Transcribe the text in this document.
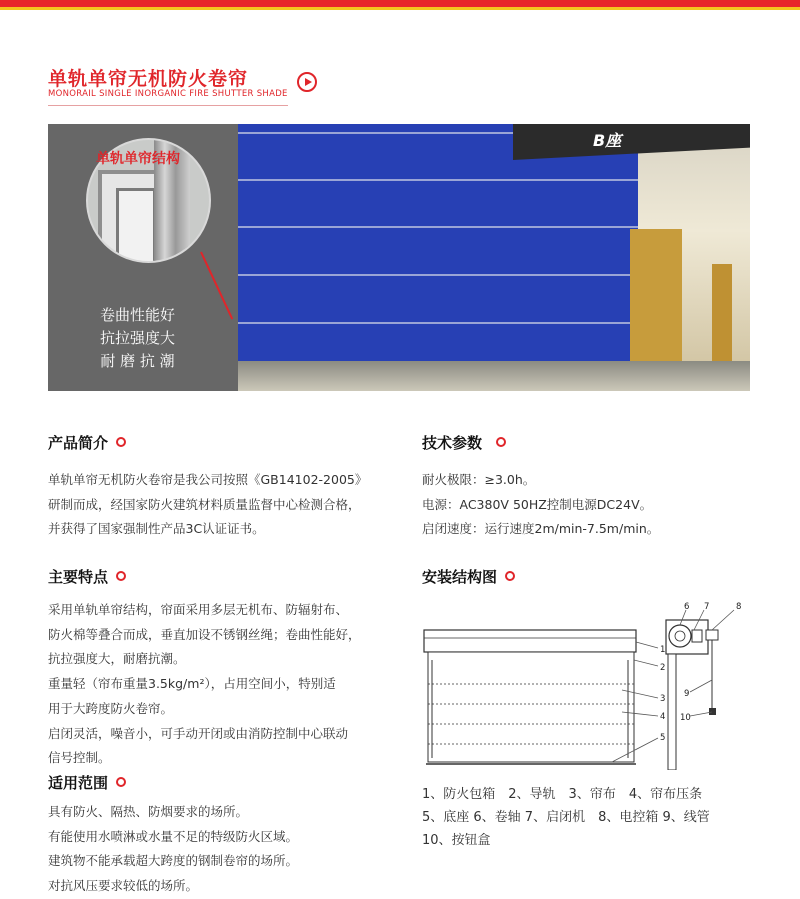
单轨单帘无机防火卷帘
MONORAIL SINGLE INORGANIC FIRE SHUTTER SHADE
单轨单帘结构
卷曲性能好
抗拉强度大
耐 磨 抗 潮
B座
产品简介
单轨单帘无机防火卷帘是我公司按照《GB14102-2005》
研制而成，经国家防火建筑材料质量监督中心检测合格，
并获得了国家强制性产品3C认证证书。
主要特点
采用单轨单帘结构，帘面采用多层无机布、防辐射布、
防火棉等叠合而成，垂直加设不锈钢丝绳；卷曲性能好，
抗拉强度大，耐磨抗潮。
重量轻（帘布重量3.5kg/m²），占用空间小，特别适
用于大跨度防火卷帘。
启闭灵活，噪音小，可手动开闭或由消防控制中心联动
信号控制。
适用范围
具有防火、隔热、防烟要求的场所。
有能使用水喷淋或水量不足的特级防火区域。
建筑物不能承载超大跨度的钢制卷帘的场所。
对抗风压要求较低的场所。
技术参数
耐火极限：≥3.0h。
电源：AC380V 50HZ控制电源DC24V。
启闭速度：运行速度2m/min-7.5m/min。
安装结构图
1
2
3
4
5
6 7	8
9
10
1、防火包箱　2、导轨　3、帘布　4、帘布压条
5、底座 6、卷轴 7、启闭机　8、电控箱 9、线管
10、按钮盒
